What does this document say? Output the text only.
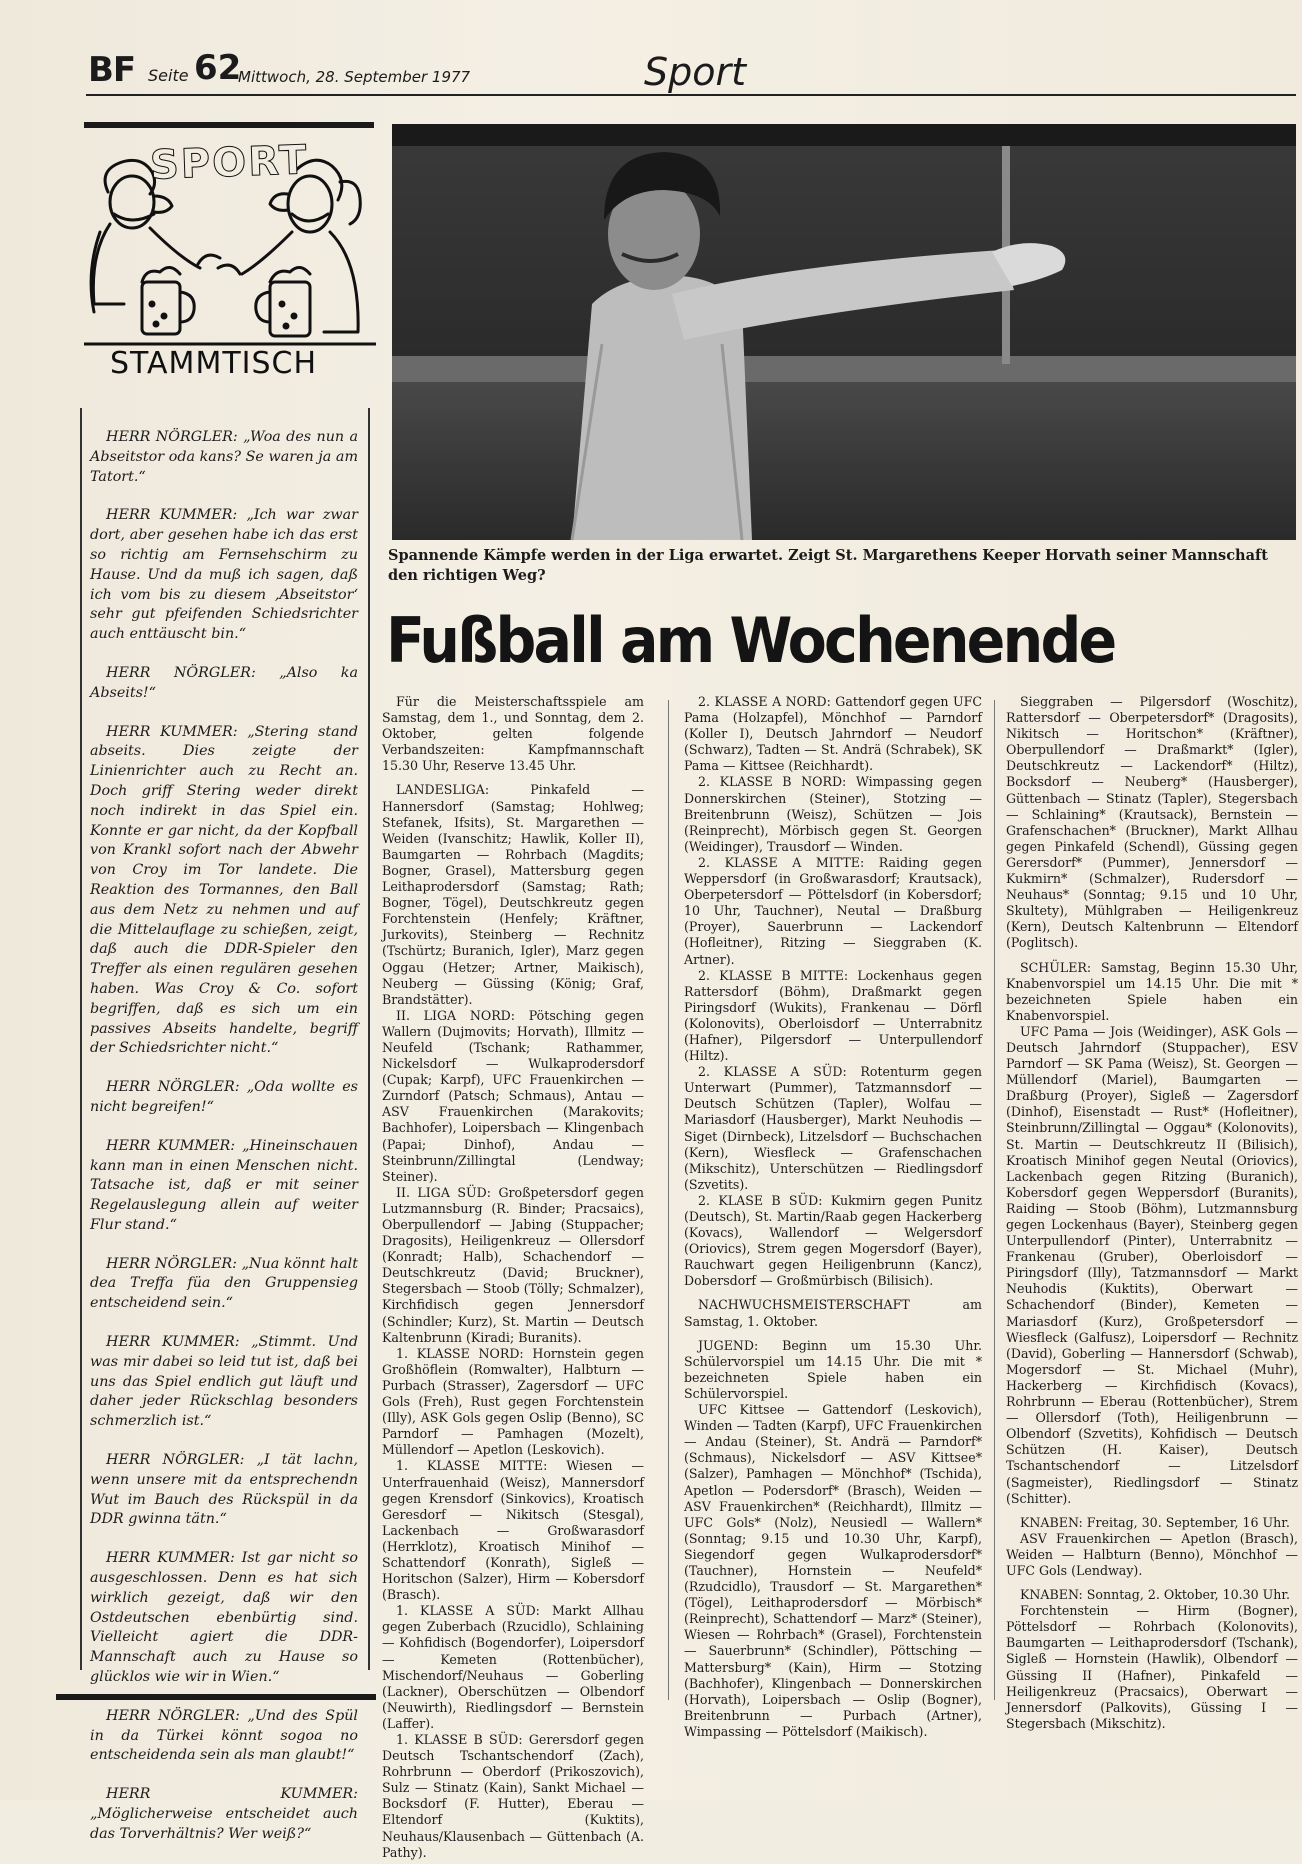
BF Seite 62
Mittwoch, 28. September 1977	Sport
SPORT
STAMMTISCH

HERR NÖRGLER: „Woa des nun a Abseitstor oda kans? Se waren ja am Tatort.“

HERR KUMMER: „Ich war zwar dort, aber gesehen habe ich das erst so richtig am Fernsehschirm zu Hause. Und da muß ich sagen, daß ich vom bis zu diesem ‚Abseitstor‘ sehr gut pfeifenden Schiedsrichter auch enttäuscht bin.“

HERR NÖRGLER: „Also ka Abseits!“

HERR KUMMER: „Stering stand abseits. Dies zeigte der Linienrichter auch zu Recht an. Doch griff Stering weder direkt noch indirekt in das Spiel ein. Konnte er gar nicht, da der Kopfball von Krankl sofort nach der Abwehr von Croy im Tor landete. Die Reaktion des Tormannes, den Ball aus dem Netz zu nehmen und auf die Mittelauflage zu schießen, zeigt, daß auch die DDR-Spieler den Treffer als einen regulären gesehen haben. Was Croy & Co. sofort begriffen, daß es sich um ein passives Abseits handelte, begriff der Schiedsrichter nicht.“

HERR NÖRGLER: „Oda wollte es nicht begreifen!“

HERR KUMMER: „Hineinschauen kann man in einen Menschen nicht. Tatsache ist, daß er mit seiner Regelauslegung allein auf weiter Flur stand.“

HERR NÖRGLER: „Nua könnt halt dea Treffa füa den Gruppensieg entscheidend sein.“

HERR KUMMER: „Stimmt. Und was mir dabei so leid tut ist, daß bei uns das Spiel endlich gut läuft und daher jeder Rückschlag besonders schmerzlich ist.“

HERR NÖRGLER: „I tät lachn, wenn unsere mit da entsprechendn Wut im Bauch des Rückspül in da DDR gwinna tätn.“

HERR KUMMER: Ist gar nicht so ausgeschlossen. Denn es hat sich wirklich gezeigt, daß wir den Ostdeutschen ebenbürtig sind. Vielleicht agiert die DDR-Mannschaft auch zu Hause so glücklos wie wir in Wien.“

HERR NÖRGLER: „Und des Spül in da Türkei könnt sogoa no entscheidenda sein als man glaubt!“

HERR KUMMER: „Möglicherweise entscheidet auch das Torverhältnis? Wer weiß?“

Spannende Kämpfe werden in der Liga erwartet. Zeigt St. Margarethens Keeper Horvath seiner Mannschaft den richtigen Weg?
Fußball am Wochenende

Für die Meisterschaftsspiele am Samstag, dem 1., und Sonntag, dem 2. Oktober, gelten folgende Verbandszeiten: Kampfmannschaft 15.30 Uhr, Reserve 13.45 Uhr.

LANDESLIGA: Pinkafeld — Hannersdorf (Samstag; Hohlweg; Stefanek, Ifsits), St. Margarethen — Weiden (Ivanschitz; Hawlik, Koller II), Baumgarten — Rohrbach (Magdits; Bogner, Grasel), Mattersburg gegen Leithaprodersdorf (Samstag; Rath; Bogner, Tögel), Deutschkreutz gegen Forchtenstein (Henfely; Kräftner, Jurkovits), Steinberg — Rechnitz (Tschürtz; Buranich, Igler), Marz gegen Oggau (Hetzer; Artner, Maikisch), Neuberg — Güssing (König; Graf, Brandstätter).

II. LIGA NORD: Pötsching gegen Wallern (Dujmovits; Horvath), Illmitz — Neufeld (Tschank; Rathammer, Nickelsdorf — Wulkaprodersdorf (Cupak; Karpf), UFC Frauenkirchen — Zurndorf (Patsch; Schmaus), Antau — ASV Frauenkirchen (Marakovits; Bachhofer), Loipersbach — Klingenbach (Papai; Dinhof), Andau — Steinbrunn/Zillingtal (Lendway; Steiner).

II. LIGA SÜD: Großpetersdorf gegen Lutzmannsburg (R. Binder; Pracsaics), Oberpullendorf — Jabing (Stuppacher; Dragosits), Heiligenkreuz — Ollersdorf (Konradt; Halb), Schachendorf — Deutschkreutz (David; Bruckner), Stegersbach — Stoob (Tölly; Schmalzer), Kirchfidisch gegen Jennersdorf (Schindler; Kurz), St. Martin — Deutsch Kaltenbrunn (Kiradi; Buranits).

1. KLASSE NORD: Hornstein gegen Großhöflein (Romwalter), Halbturn — Purbach (Strasser), Zagersdorf — UFC Gols (Freh), Rust gegen Forchtenstein (Illy), ASK Gols gegen Oslip (Benno), SC Parndorf — Pamhagen (Mozelt), Müllendorf — Apetlon (Leskovich).

1. KLASSE MITTE: Wiesen — Unterfrauenhaid (Weisz), Mannersdorf gegen Krensdorf (Sinkovics), Kroatisch Geresdorf — Nikitsch (Stesgal), Lackenbach — Großwarasdorf (Herrklotz), Kroatisch Minihof — Schattendorf (Konrath), Sigleß — Horitschon (Salzer), Hirm — Kobersdorf (Brasch).

1. KLASSE A SÜD: Markt Allhau gegen Zuberbach (Rzucidlo), Schlaining — Kohfidisch (Bogendorfer), Loipersdorf — Kemeten (Rottenbücher), Mischendorf/Neuhaus — Goberling (Lackner), Oberschützen — Olbendorf (Neuwirth), Riedlingsdorf — Bernstein (Laffer).

1. KLASSE B SÜD: Gerersdorf gegen Deutsch Tschantschendorf (Zach), Rohrbrunn — Oberdorf (Prikoszovich), Sulz — Stinatz (Kain), Sankt Michael — Bocksdorf (F. Hutter), Eberau — Eltendorf (Kuktits), Neuhaus/Klausenbach — Güttenbach (A. Pathy).

2. KLASSE A NORD: Gattendorf gegen UFC Pama (Holzapfel), Mönchhof — Parndorf (Koller I), Deutsch Jahrndorf — Neudorf (Schwarz), Tadten — St. Andrä (Schrabek), SK Pama — Kittsee (Reichhardt).

2. KLASSE B NORD: Wimpassing gegen Donnerskirchen (Steiner), Stotzing — Breitenbrunn (Weisz), Schützen — Jois (Reinprecht), Mörbisch gegen St. Georgen (Weidinger), Trausdorf — Winden.

2. KLASSE A MITTE: Raiding gegen Weppersdorf (in Großwarasdorf; Krautsack), Oberpetersdorf — Pöttelsdorf (in Kobersdorf; 10 Uhr, Tauchner), Neutal — Draßburg (Proyer), Sauerbrunn — Lackendorf (Hofleitner), Ritzing — Sieggraben (K. Artner).

2. KLASSE B MITTE: Lockenhaus gegen Rattersdorf (Böhm), Draßmarkt gegen Piringsdorf (Wukits), Frankenau — Dörfl (Kolonovits), Oberloisdorf — Unterrabnitz (Hafner), Pilgersdorf — Unterpullendorf (Hiltz).

2. KLASSE A SÜD: Rotenturm gegen Unterwart (Pummer), Tatzmannsdorf — Deutsch Schützen (Tapler), Wolfau — Mariasdorf (Hausberger), Markt Neuhodis — Siget (Dirnbeck), Litzelsdorf — Buchschachen (Kern), Wiesfleck — Grafenschachen (Mikschitz), Unterschützen — Riedlingsdorf (Szvetits).

2. KLASE B SÜD: Kukmirn gegen Punitz (Deutsch), St. Martin/Raab gegen Hackerberg (Kovacs), Wallendorf — Welgersdorf (Oriovics), Strem gegen Mogersdorf (Bayer), Rauchwart gegen Heiligenbrunn (Kancz), Dobersdorf — Großmürbisch (Bilisich).

NACHWUCHSMEISTERSCHAFT am Samstag, 1. Oktober.

JUGEND: Beginn um 15.30 Uhr. Schülervorspiel um 14.15 Uhr. Die mit * bezeichneten Spiele haben ein Schülervorspiel.

UFC Kittsee — Gattendorf (Leskovich), Winden — Tadten (Karpf), UFC Frauenkirchen — Andau (Steiner), St. Andrä — Parndorf* (Schmaus), Nickelsdorf — ASV Kittsee* (Salzer), Pamhagen — Mönchhof* (Tschida), Apetlon — Podersdorf* (Brasch), Weiden — ASV Frauenkirchen* (Reichhardt), Illmitz — UFC Gols* (Nolz), Neusiedl — Wallern* (Sonntag; 9.15 und 10.30 Uhr, Karpf), Siegendorf gegen Wulkaprodersdorf* (Tauchner), Hornstein — Neufeld* (Rzudcidlo), Trausdorf — St. Margarethen* (Tögel), Leithaprodersdorf — Mörbisch* (Reinprecht), Schattendorf — Marz* (Steiner), Wiesen — Rohrbach* (Grasel), Forchtenstein — Sauerbrunn* (Schindler), Pöttsching — Mattersburg* (Kain), Hirm — Stotzing (Bachhofer), Klingenbach — Donnerskirchen (Horvath), Loipersbach — Oslip (Bogner), Breitenbrunn — Purbach (Artner), Wimpassing — Pöttelsdorf (Maikisch).

Sieggraben — Pilgersdorf (Woschitz), Rattersdorf — Oberpetersdorf* (Dragosits), Nikitsch — Horitschon* (Kräftner), Oberpullendorf — Draßmarkt* (Igler), Deutschkreutz — Lackendorf* (Hiltz), Bocksdorf — Neuberg* (Hausberger), Güttenbach — Stinatz (Tapler), Stegersbach — Schlaining* (Krautsack), Bernstein — Grafenschachen* (Bruckner), Markt Allhau gegen Pinkafeld (Schendl), Güssing gegen Gerersdorf* (Pummer), Jennersdorf — Kukmirn* (Schmalzer), Rudersdorf — Neuhaus* (Sonntag; 9.15 und 10 Uhr, Skultety), Mühlgraben — Heiligenkreuz (Kern), Deutsch Kaltenbrunn — Eltendorf (Poglitsch).

SCHÜLER: Samstag, Beginn 15.30 Uhr, Knabenvorspiel um 14.15 Uhr. Die mit * bezeichneten Spiele haben ein Knabenvorspiel.

UFC Pama — Jois (Weidinger), ASK Gols — Deutsch Jahrndorf (Stuppacher), ESV Parndorf — SK Pama (Weisz), St. Georgen — Müllendorf (Mariel), Baumgarten — Draßburg (Proyer), Sigleß — Zagersdorf (Dinhof), Eisenstadt — Rust* (Hofleitner), Steinbrunn/Zillingtal — Oggau* (Kolonovits), St. Martin — Deutschkreutz II (Bilisich), Kroatisch Minihof gegen Neutal (Oriovics), Lackenbach gegen Ritzing (Buranich), Kobersdorf gegen Weppersdorf (Buranits), Raiding — Stoob (Böhm), Lutzmannsburg gegen Lockenhaus (Bayer), Steinberg gegen Unterpullendorf (Pinter), Unterrabnitz — Frankenau (Gruber), Oberloisdorf — Piringsdorf (Illy), Tatzmannsdorf — Markt Neuhodis (Kuktits), Oberwart — Schachendorf (Binder), Kemeten — Mariasdorf (Kurz), Großpetersdorf — Wiesfleck (Galfusz), Loipersdorf — Rechnitz (David), Goberling — Hannersdorf (Schwab), Mogersdorf — St. Michael (Muhr), Hackerberg — Kirchfidisch (Kovacs), Rohrbrunn — Eberau (Rottenbücher), Strem — Ollersdorf (Toth), Heiligenbrunn — Olbendorf (Szvetits), Kohfidisch — Deutsch Schützen (H. Kaiser), Deutsch Tschantschendorf — Litzelsdorf (Sagmeister), Riedlingsdorf — Stinatz (Schitter).

KNABEN: Freitag, 30. September, 16 Uhr.

ASV Frauenkirchen — Apetlon (Brasch), Weiden — Halbturn (Benno), Mönchhof — UFC Gols (Lendway).

KNABEN: Sonntag, 2. Oktober, 10.30 Uhr.

Forchtenstein — Hirm (Bogner), Pöttelsdorf — Rohrbach (Kolonovits), Baumgarten — Leithaprodersdorf (Tschank), Sigleß — Hornstein (Hawlik), Olbendorf — Güssing II (Hafner), Pinkafeld — Heiligenkreuz (Pracsaics), Oberwart — Jennersdorf (Palkovits), Güssing I — Stegersbach (Mikschitz).
